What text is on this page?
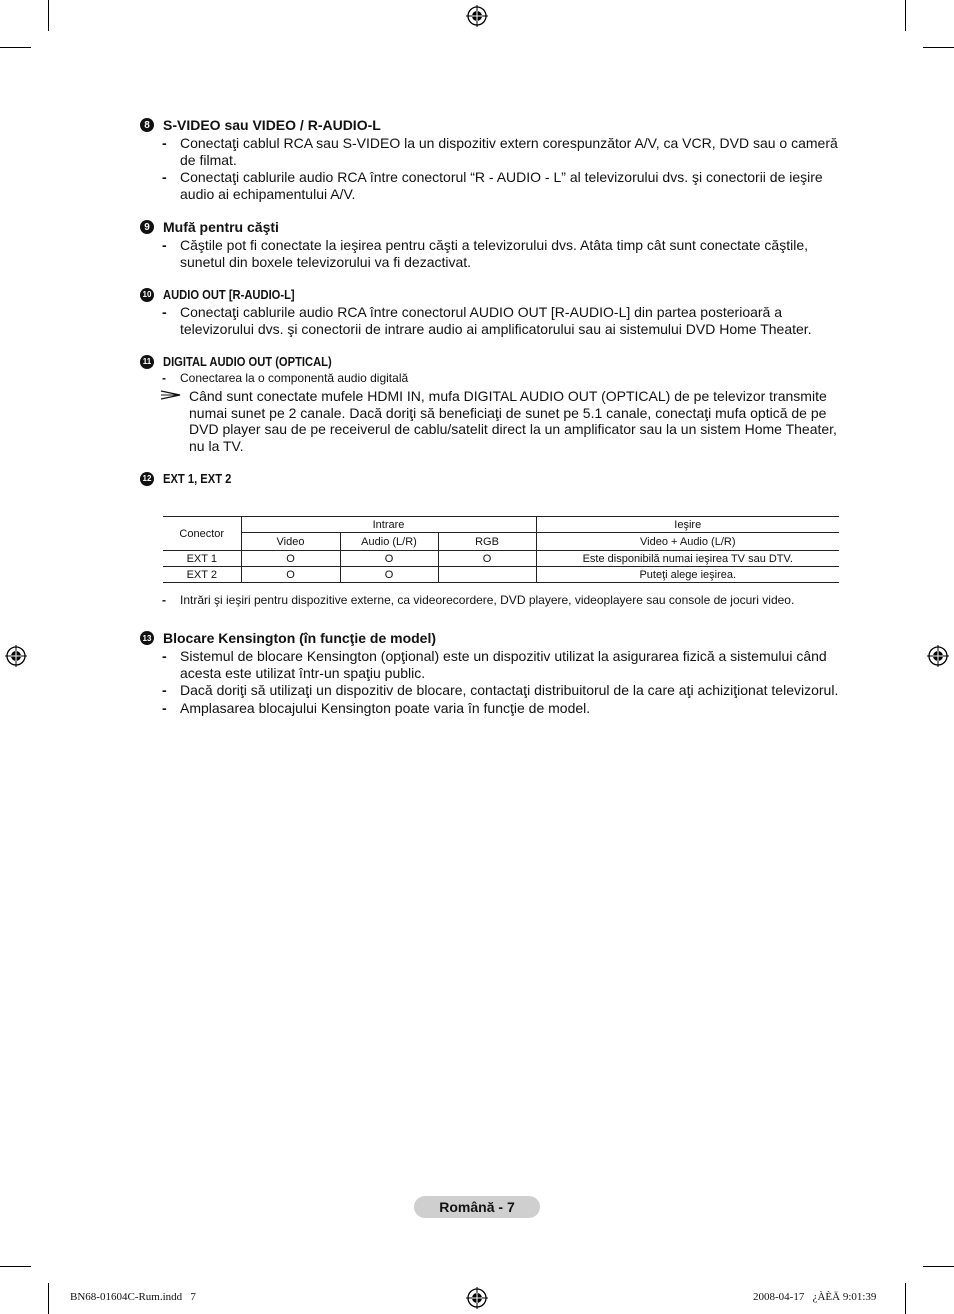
8 S-VIDEO sau VIDEO / R-AUDIO-L
- Conectaţi cablul RCA sau S-VIDEO la un dispozitiv extern corespunzător A/V, ca VCR, DVD sau o cameră de filmat.
- Conectaţi cablurile audio RCA între conectorul “R - AUDIO - L” al televizorului dvs. şi conectorii de ieşire audio ai echipamentului A/V.
9 Mufă pentru căşti
- Căştile pot fi conectate la ieşirea pentru căşti a televizorului dvs. Atâta timp cât sunt conectate căştile, sunetul din boxele televizorului va fi dezactivat.
10 AUDIO OUT [R-AUDIO-L]
- Conectaţi cablurile audio RCA între conectorul AUDIO OUT [R-AUDIO-L] din partea posterioară a televizorului dvs. şi conectorii de intrare audio ai amplificatorului sau ai sistemului DVD Home Theater.
11 DIGITAL AUDIO OUT (OPTICAL)
-	Conectarea la o componentă audio digitală
Când sunt conectate mufele HDMI IN, mufa DIGITAL AUDIO OUT (OPTICAL) de pe televizor transmite numai sunet pe 2 canale. Dacă doriţi să beneficiaţi de sunet pe 5.1 canale, conectaţi mufa optică de pe DVD player sau de pe receiverul de cablu/satelit direct la un amplificator sau la un sistem Home Theater, nu la TV.
12 EXT 1, EXT 2
Conector	Intrare			Ieşire
	Video	Audio (L/R)	RGB	Video + Audio (L/R)
EXT 1	O	O	O	Este disponibilă numai ieşirea TV sau DTV.
EXT 2	O	O		Puteţi alege ieşirea.
-	Intrări şi ieşiri pentru dispozitive externe, ca videorecordere, DVD playere, videoplayere sau console de jocuri video.
13 Blocare Kensington (în funcţie de model)
- Sistemul de blocare Kensington (opţional) este un dispozitiv utilizat la asigurarea fizică a sistemului când acesta este utilizat într-un spaţiu public.
- Dacă doriţi să utilizaţi un dispozitiv de blocare, contactaţi distribuitorul de la care aţi achiziţionat televizorul.
- Amplasarea blocajului Kensington poate varia în funcţie de model.
Română - 7
BN68-01604C-Rum.indd   7	2008-04-17   ¿ÀÈÄ 9:01:39
